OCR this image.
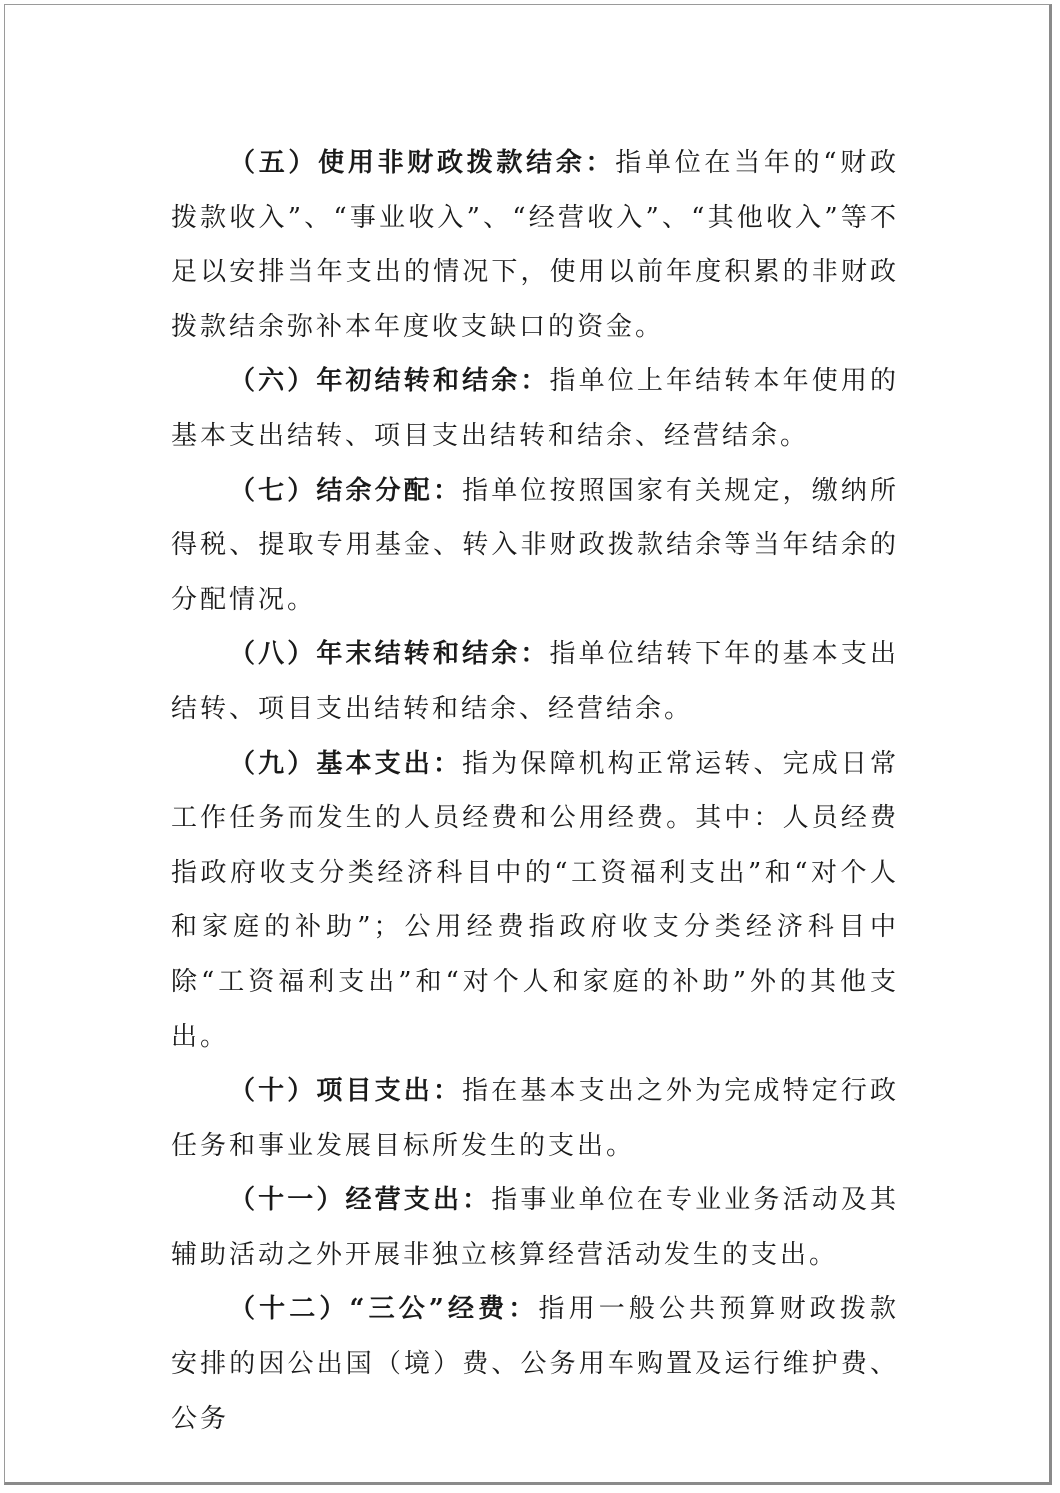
（五）使用非财政拨款结余：指单位在当年的“财政拨款收入”、“事业收入”、“经营收入”、“其他收入”等不足以安排当年支出的情况下，使用以前年度积累的非财政拨款结余弥补本年度收支缺口的资金。

（六）年初结转和结余：指单位上年结转本年使用的基本支出结转、项目支出结转和结余、经营结余。

（七）结余分配：指单位按照国家有关规定，缴纳所得税、提取专用基金、转入非财政拨款结余等当年结余的分配情况。

（八）年末结转和结余：指单位结转下年的基本支出结转、项目支出结转和结余、经营结余。

（九）基本支出：指为保障机构正常运转、完成日常工作任务而发生的人员经费和公用经费。其中：人员经费指政府收支分类经济科目中的“工资福利支出”和“对个人和家庭的补助”；公用经费指政府收支分类经济科目中除“工资福利支出”和“对个人和家庭的补助”外的其他支出。

（十）项目支出：指在基本支出之外为完成特定行政任务和事业发展目标所发生的支出。

（十一）经营支出：指事业单位在专业业务活动及其辅助活动之外开展非独立核算经营活动发生的支出。

（十二）“三公”经费：指用一般公共预算财政拨款安排的因公出国（境）费、公务用车购置及运行维护费、公务
